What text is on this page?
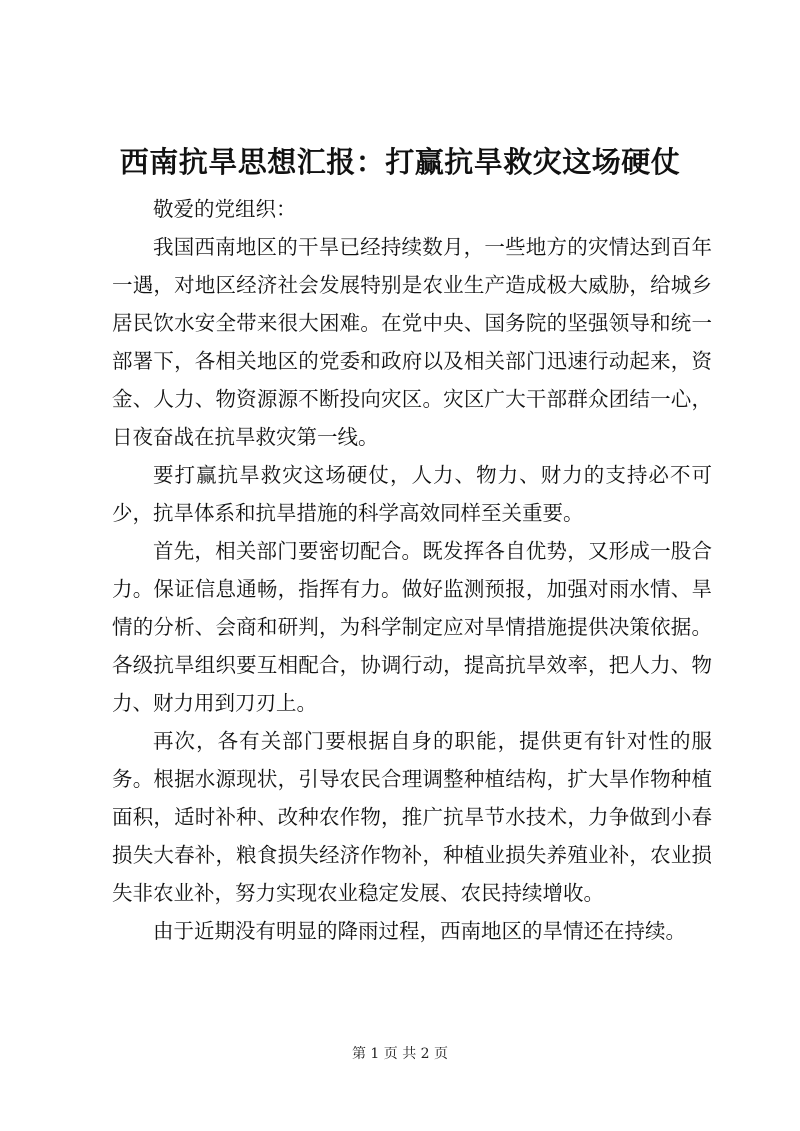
西南抗旱思想汇报：打赢抗旱救灾这场硬仗

敬爱的党组织：

我国西南地区的干旱已经持续数月，一些地方的灾情达到百年一遇，对地区经济社会发展特别是农业生产造成极大威胁，给城乡居民饮水安全带来很大困难。在党中央、国务院的坚强领导和统一部署下，各相关地区的党委和政府以及相关部门迅速行动起来，资金、人力、物资源源不断投向灾区。灾区广大干部群众团结一心，日夜奋战在抗旱救灾第一线。

要打赢抗旱救灾这场硬仗，人力、物力、财力的支持必不可少，抗旱体系和抗旱措施的科学高效同样至关重要。

首先，相关部门要密切配合。既发挥各自优势，又形成一股合力。保证信息通畅，指挥有力。做好监测预报，加强对雨水情、旱情的分析、会商和研判，为科学制定应对旱情措施提供决策依据。各级抗旱组织要互相配合，协调行动，提高抗旱效率，把人力、物力、财力用到刀刃上。

再次，各有关部门要根据自身的职能，提供更有针对性的服务。根据水源现状，引导农民合理调整种植结构，扩大旱作物种植面积，适时补种、改种农作物，推广抗旱节水技术，力争做到小春损失大春补，粮食损失经济作物补，种植业损失养殖业补，农业损失非农业补，努力实现农业稳定发展、农民持续增收。

由于近期没有明显的降雨过程，西南地区的旱情还在持续。

第 1 页 共 2 页
